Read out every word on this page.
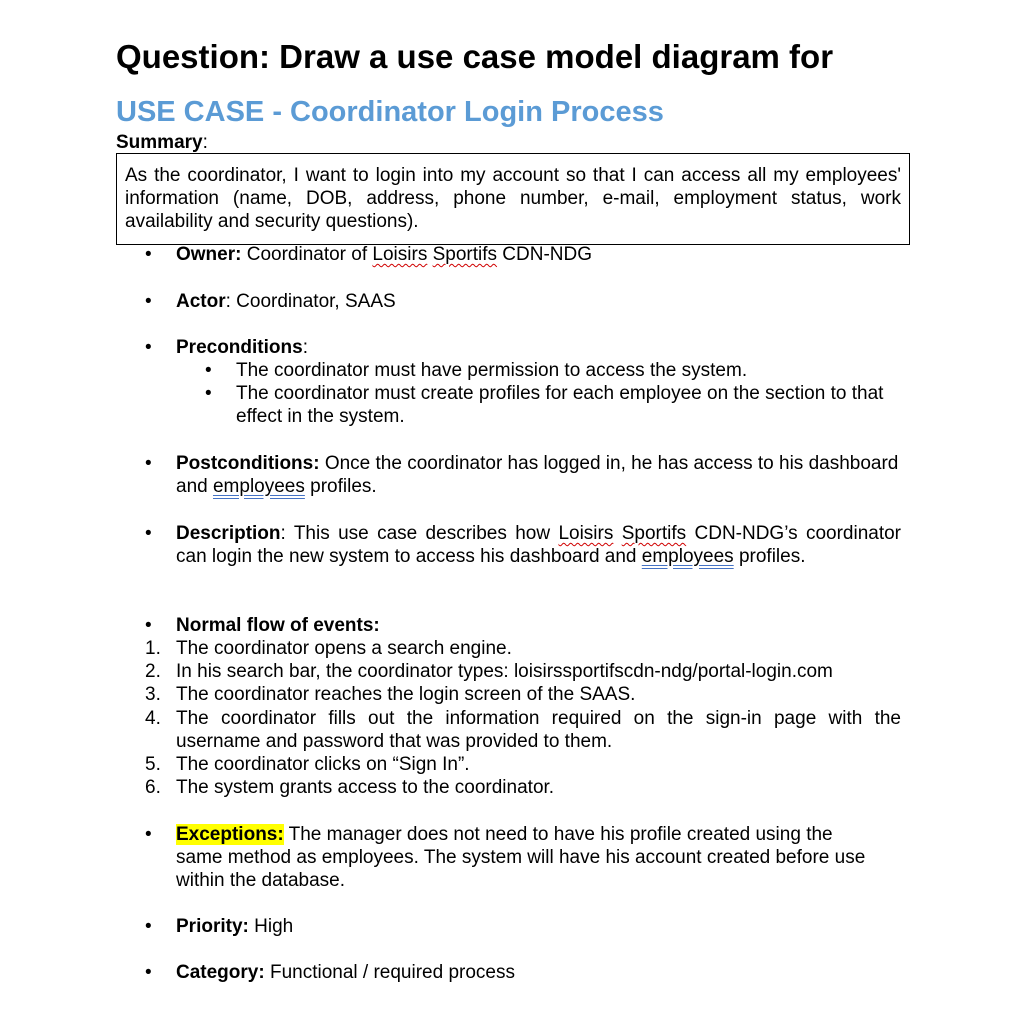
Question: Draw a use case model diagram for
USE CASE - Coordinator Login Process
Summary:
As the coordinator, I want to login into my account so that I can access all my employees' information (name, DOB, address, phone number, e-mail, employment status, work availability and security questions).
• Owner: Coordinator of Loisirs Sportifs CDN-NDG
• Actor: Coordinator, SAAS
• Preconditions:
• The coordinator must have permission to access the system.
• The coordinator must create profiles for each employee on the section to that effect in the system.
• Postconditions: Once the coordinator has logged in, he has access to his dashboard and employees profiles.
• Description: This use case describes how Loisirs Sportifs CDN-NDG’s coordinator can login the new system to access his dashboard and employees profiles.
• Normal flow of events:
1. The coordinator opens a search engine.
2. In his search bar, the coordinator types: loisirssportifscdn-ndg/portal-login.com
3. The coordinator reaches the login screen of the SAAS.
4. The coordinator fills out the information required on the sign-in page with the username and password that was provided to them.
5. The coordinator clicks on “Sign In”.
6. The system grants access to the coordinator.
• Exceptions: The manager does not need to have his profile created using the same method as employees. The system will have his account created before use within the database.
• Priority: High
• Category: Functional / required process
